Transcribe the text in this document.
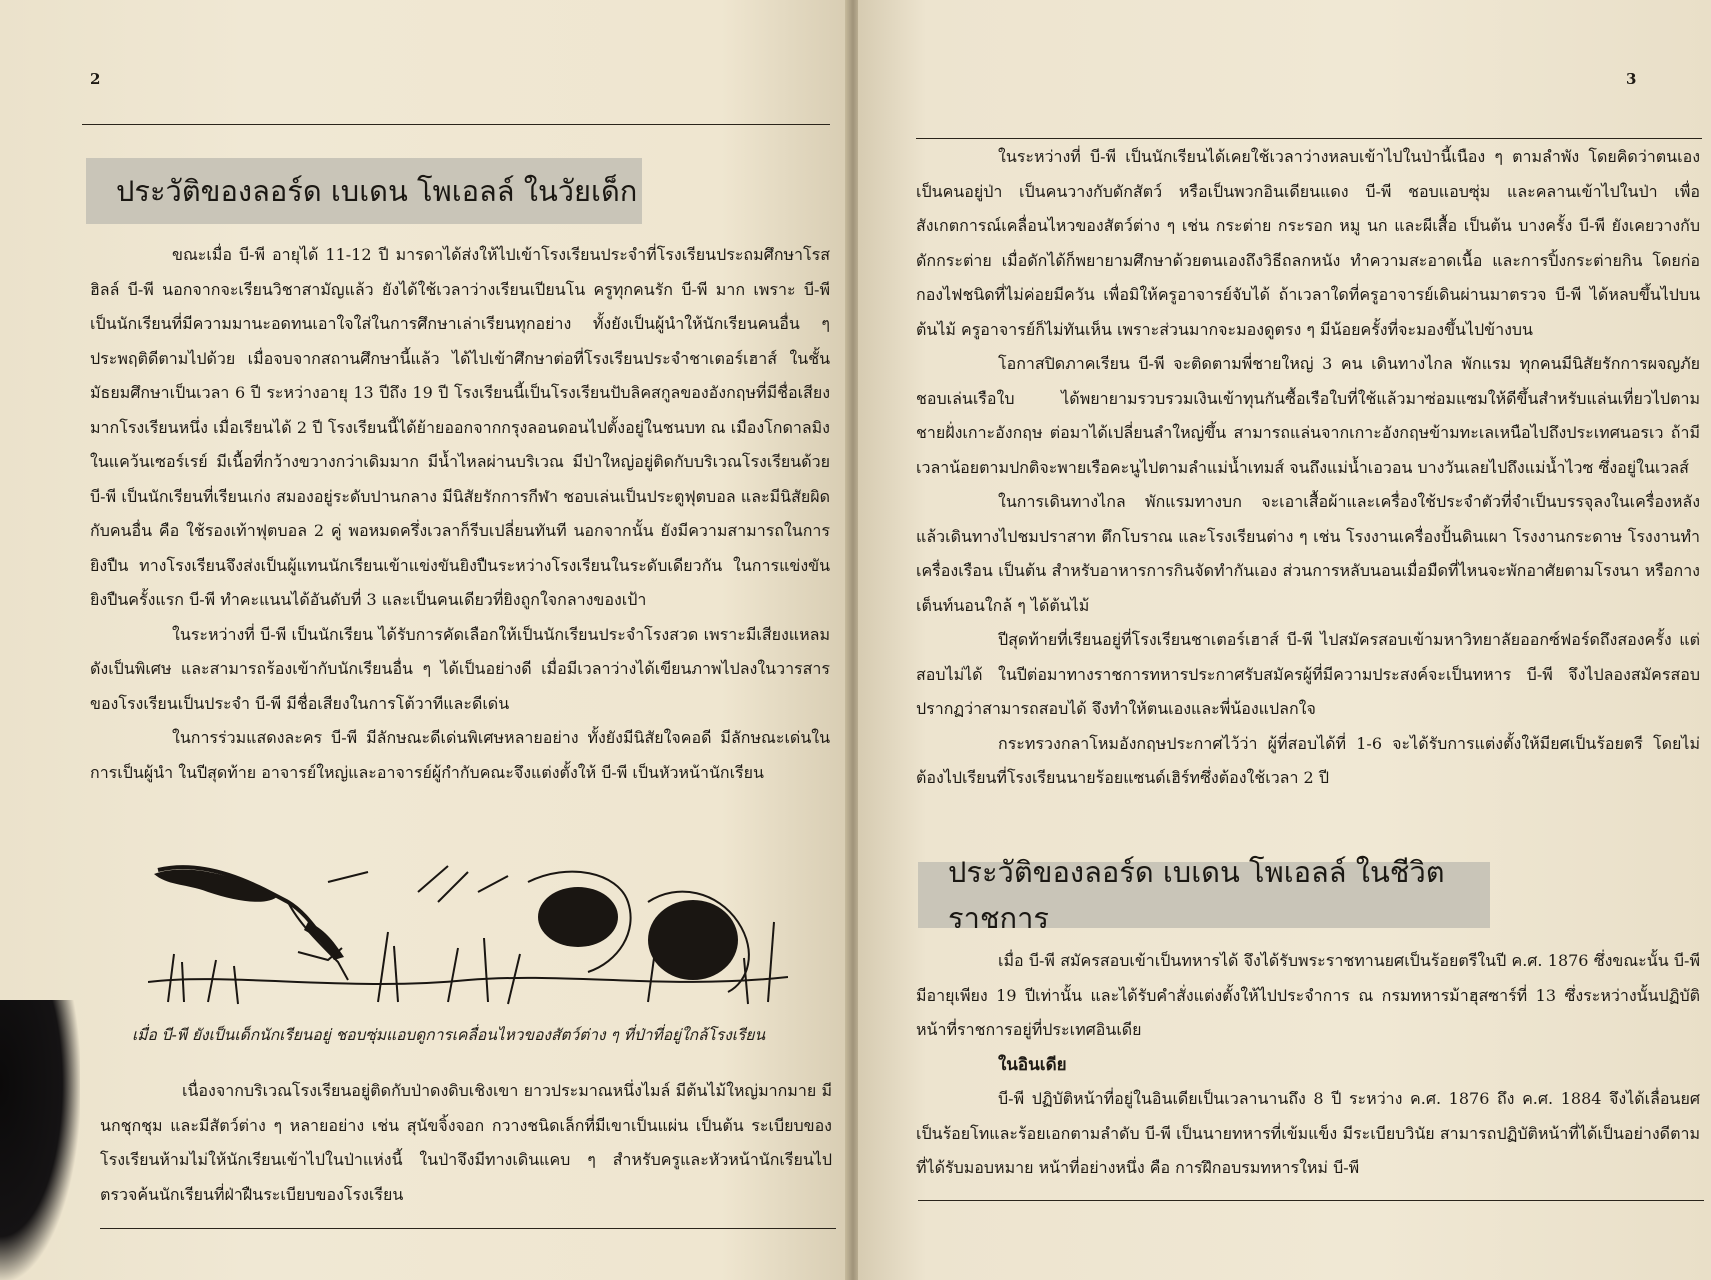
2
ประวัติของลอร์ด เบเดน โพเอลล์ ในวัยเด็ก

ขณะเมื่อ บี-พี อายุได้ 11-12 ปี มารดาได้ส่งให้ไปเข้าโรงเรียนประจำที่โรงเรียนประถมศึกษาโรสฮิลล์ บี-พี นอกจากจะเรียนวิชาสามัญแล้ว ยังได้ใช้เวลาว่างเรียนเปียนโน ครูทุกคนรัก บี-พี มาก เพราะ บี-พี เป็นนักเรียนที่มีความมานะอดทนเอาใจใส่ในการศึกษาเล่าเรียนทุกอย่าง ทั้งยังเป็นผู้นำให้นักเรียนคนอื่น ๆ ประพฤติดีตามไปด้วย เมื่อจบจากสถานศึกษานี้แล้ว ได้ไปเข้าศึกษาต่อที่โรงเรียนประจำชาเตอร์เฮาส์ ในชั้นมัธยมศึกษาเป็นเวลา 6 ปี ระหว่างอายุ 13 ปีถึง 19 ปี โรงเรียนนี้เป็นโรงเรียนปับลิคสกูลของอังกฤษที่มีชื่อเสียงมากโรงเรียนหนึ่ง เมื่อเรียนได้ 2 ปี โรงเรียนนี้ได้ย้ายออกจากกรุงลอนดอนไปตั้งอยู่ในชนบท ณ เมืองโกดาลมิง ในแคว้นเซอร์เรย์ มีเนื้อที่กว้างขวางกว่าเดิมมาก มีน้ำไหลผ่านบริเวณ มีป่าใหญ่อยู่ติดกับบริเวณโรงเรียนด้วย บี-พี เป็นนักเรียนที่เรียนเก่ง สมองอยู่ระดับปานกลาง มีนิสัยรักการกีฬา ชอบเล่นเป็นประตูฟุตบอล และมีนิสัยผิดกับคนอื่น คือ ใช้รองเท้าฟุตบอล 2 คู่ พอหมดครึ่งเวลาก็รีบเปลี่ยนทันที นอกจากนั้น ยังมีความสามารถในการยิงปืน ทางโรงเรียนจึงส่งเป็นผู้แทนนักเรียนเข้าแข่งขันยิงปืนระหว่างโรงเรียนในระดับเดียวกัน ในการแข่งขันยิงปืนครั้งแรก บี-พี ทำคะแนนได้อันดับที่ 3 และเป็นคนเดียวที่ยิงถูกใจกลางของเป้า

ในระหว่างที่ บี-พี เป็นนักเรียน ได้รับการคัดเลือกให้เป็นนักเรียนประจำโรงสวด เพราะมีเสียงแหลมดังเป็นพิเศษ และสามารถร้องเข้ากับนักเรียนอื่น ๆ ได้เป็นอย่างดี เมื่อมีเวลาว่างได้เขียนภาพไปลงในวารสารของโรงเรียนเป็นประจำ บี-พี มีชื่อเสียงในการโต้วาทีและดีเด่น

ในการร่วมแสดงละคร บี-พี มีลักษณะดีเด่นพิเศษหลายอย่าง ทั้งยังมีนิสัยใจคอดี มีลักษณะเด่นในการเป็นผู้นำ ในปีสุดท้าย อาจารย์ใหญ่และอาจารย์ผู้กำกับคณะจึงแต่งตั้งให้ บี-พี เป็นหัวหน้านักเรียน

เมื่อ บี-พี ยังเป็นเด็กนักเรียนอยู่ ชอบซุ่มแอบดูการเคลื่อนไหวของสัตว์ต่าง ๆ ที่ป่าที่อยู่ใกล้โรงเรียน

เนื่องจากบริเวณโรงเรียนอยู่ติดกับป่าดงดิบเชิงเขา ยาวประมาณหนึ่งไมล์ มีต้นไม้ใหญ่มากมาย มีนกชุกชุม และมีสัตว์ต่าง ๆ หลายอย่าง เช่น สุนัขจิ้งจอก กวางชนิดเล็กที่มีเขาเป็นแผ่น เป็นต้น ระเบียบของโรงเรียนห้ามไม่ให้นักเรียนเข้าไปในป่าแห่งนี้ ในป่าจึงมีทางเดินแคบ ๆ สำหรับครูและหัวหน้านักเรียนไปตรวจค้นนักเรียนที่ฝ่าฝืนระเบียบของโรงเรียน

3

ในระหว่างที่ บี-พี เป็นนักเรียนได้เคยใช้เวลาว่างหลบเข้าไปในป่านี้เนือง ๆ ตามลำพัง โดยคิดว่าตนเองเป็นคนอยู่ป่า เป็นคนวางกับดักสัตว์ หรือเป็นพวกอินเดียนแดง บี-พี ชอบแอบซุ่ม และคลานเข้าไปในป่า เพื่อสังเกตการณ์เคลื่อนไหวของสัตว์ต่าง ๆ เช่น กระต่าย กระรอก หมู นก และผีเสื้อ เป็นต้น บางครั้ง บี-พี ยังเคยวางกับดักกระต่าย เมื่อดักได้ก็พยายามศึกษาด้วยตนเองถึงวิธีถลกหนัง ทำความสะอาดเนื้อ และการปิ้งกระต่ายกิน โดยก่อกองไฟชนิดที่ไม่ค่อยมีควัน เพื่อมิให้ครูอาจารย์จับได้ ถ้าเวลาใดที่ครูอาจารย์เดินผ่านมาตรวจ บี-พี ได้หลบขึ้นไปบนต้นไม้ ครูอาจารย์ก็ไม่ทันเห็น เพราะส่วนมากจะมองดูตรง ๆ มีน้อยครั้งที่จะมองขึ้นไปข้างบน

โอกาสปิดภาคเรียน บี-พี จะติดตามพี่ชายใหญ่ 3 คน เดินทางไกล พักแรม ทุกคนมีนิสัยรักการผจญภัย ชอบเล่นเรือใบ ได้พยายามรวบรวมเงินเข้าทุนกันซื้อเรือใบที่ใช้แล้วมาซ่อมแซมให้ดีขึ้นสำหรับแล่นเที่ยวไปตามชายฝั่งเกาะอังกฤษ ต่อมาได้เปลี่ยนลำใหญ่ขึ้น สามารถแล่นจากเกาะอังกฤษข้ามทะเลเหนือไปถึงประเทศนอรเว ถ้ามีเวลาน้อยตามปกติจะพายเรือคะนูไปตามลำแม่น้ำเทมส์ จนถึงแม่น้ำเอวอน บางวันเลยไปถึงแม่น้ำไวซ ซึ่งอยู่ในเวลส์

ในการเดินทางไกล พักแรมทางบก จะเอาเสื้อผ้าและเครื่องใช้ประจำตัวที่จำเป็นบรรจุลงในเครื่องหลัง แล้วเดินทางไปชมปราสาท ตึกโบราณ และโรงเรียนต่าง ๆ เช่น โรงงานเครื่องปั้นดินเผา โรงงานกระดาษ โรงงานทำเครื่องเรือน เป็นต้น สำหรับอาหารการกินจัดทำกันเอง ส่วนการหลับนอนเมื่อมืดที่ไหนจะพักอาศัยตามโรงนา หรือกางเต็นท์นอนใกล้ ๆ ได้ต้นไม้

ปีสุดท้ายที่เรียนอยู่ที่โรงเรียนชาเตอร์เฮาส์ บี-พี ไปสมัครสอบเข้ามหาวิทยาลัยออกซ์ฟอร์ดถึงสองครั้ง แต่สอบไม่ได้ ในปีต่อมาทางราชการทหารประกาศรับสมัครผู้ที่มีความประสงค์จะเป็นทหาร บี-พี จึงไปลองสมัครสอบ ปรากฏว่าสามารถสอบได้ จึงทำให้ตนเองและพี่น้องแปลกใจ

กระทรวงกลาโหมอังกฤษประกาศไว้ว่า ผู้ที่สอบได้ที่ 1-6 จะได้รับการแต่งตั้งให้มียศเป็นร้อยตรี โดยไม่ต้องไปเรียนที่โรงเรียนนายร้อยแซนด์เฮิร์ทซึ่งต้องใช้เวลา 2 ปี

ประวัติของลอร์ด เบเดน โพเอลล์ ในชีวิตราชการ

เมื่อ บี-พี สมัครสอบเข้าเป็นทหารได้ จึงได้รับพระราชทานยศเป็นร้อยตรีในปี ค.ศ. 1876 ซึ่งขณะนั้น บี-พี มีอายุเพียง 19 ปีเท่านั้น และได้รับคำสั่งแต่งตั้งให้ไปประจำการ ณ กรมทหารม้าฮุสซาร์ที่ 13 ซึ่งระหว่างนั้นปฏิบัติหน้าที่ราชการอยู่ที่ประเทศอินเดีย

ในอินเดีย

บี-พี ปฏิบัติหน้าที่อยู่ในอินเดียเป็นเวลานานถึง 8 ปี ระหว่าง ค.ศ. 1876 ถึง ค.ศ. 1884 จึงได้เลื่อนยศเป็นร้อยโทและร้อยเอกตามลำดับ บี-พี เป็นนายทหารที่เข้มแข็ง มีระเบียบวินัย สามารถปฏิบัติหน้าที่ได้เป็นอย่างดีตามที่ได้รับมอบหมาย หน้าที่อย่างหนึ่ง คือ การฝึกอบรมทหารใหม่ บี-พี
